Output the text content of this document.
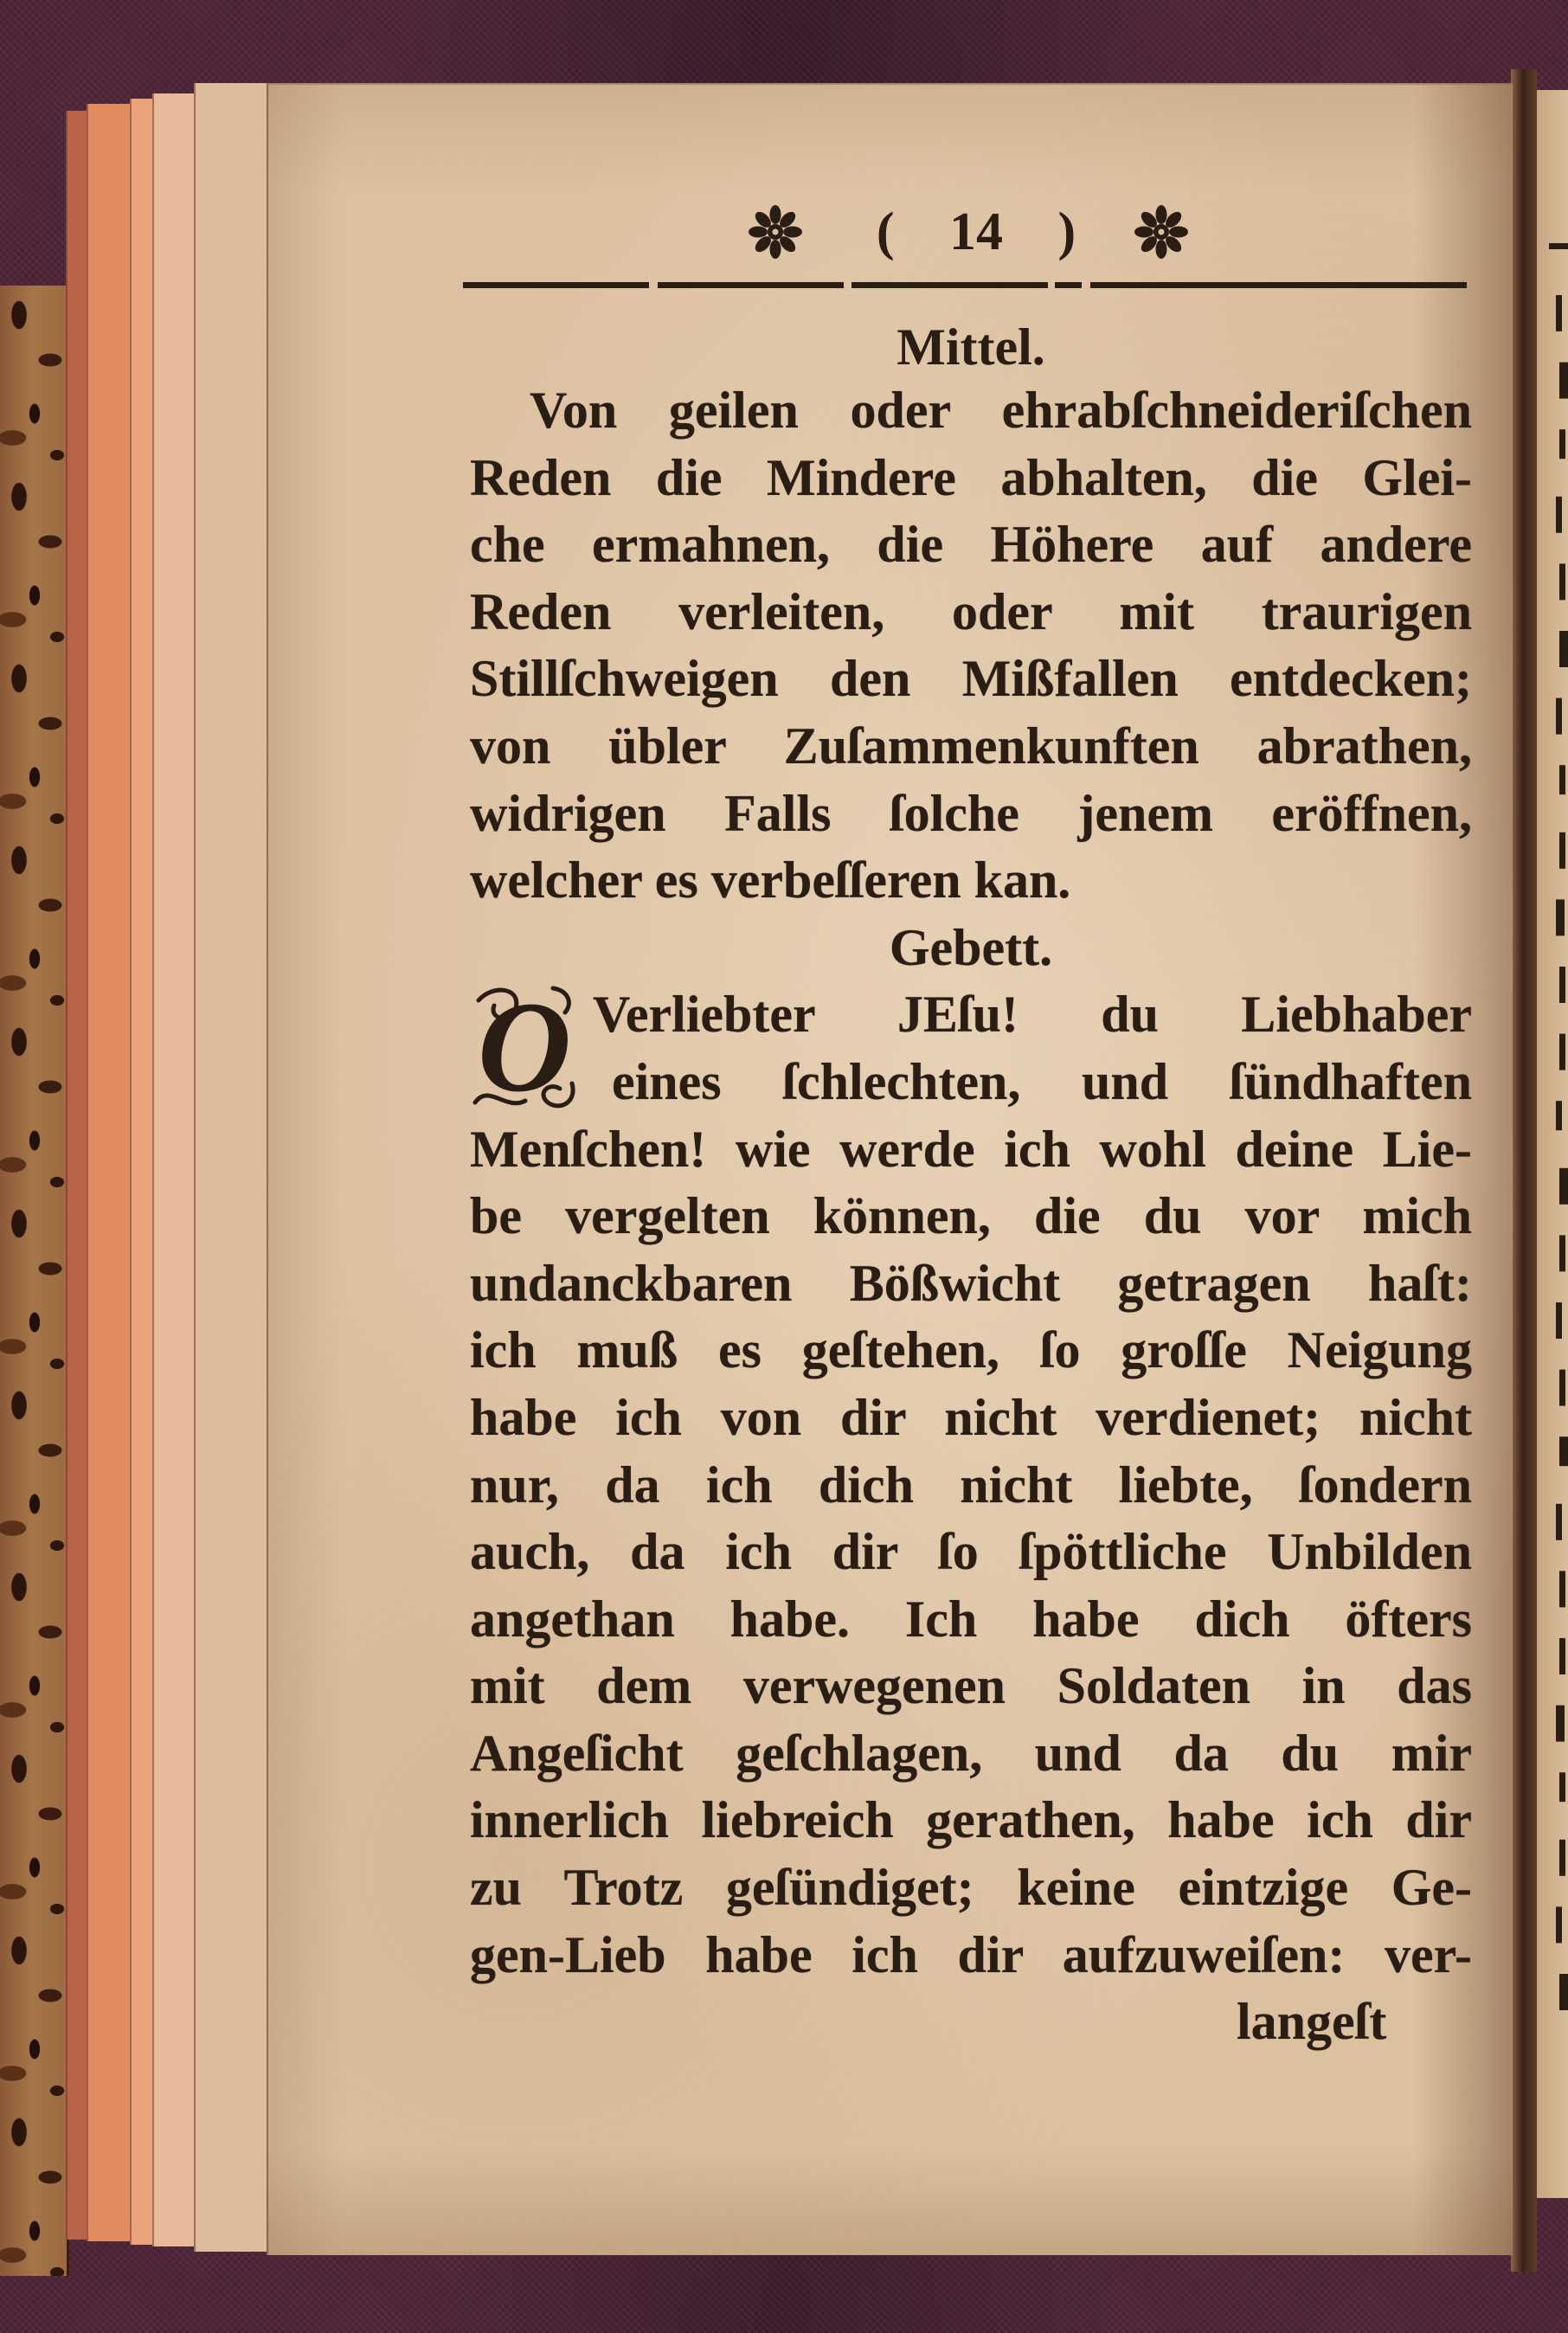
( 14 )
Mittel.
Von geilen oder ehrabſchneideriſchen
Reden die Mindere abhalten, die Glei-
che ermahnen, die Höhere auf andere
Reden verleiten, oder mit traurigen
Stillſchweigen den Mißfallen entdecken;
von übler Zuſammenkunften abrathen,
widrigen Falls ſolche jenem eröffnen,
welcher es verbeſſeren kan.
Gebett.
Verliebter JEſu! du Liebhaber
eines ſchlechten, und ſündhaften
Menſchen! wie werde ich wohl deine Lie-
be vergelten können, die du vor mich
undanckbaren Bößwicht getragen haſt:
ich muß es geſtehen, ſo groſſe Neigung
habe ich von dir nicht verdienet; nicht
nur, da ich dich nicht liebte, ſondern
auch, da ich dir ſo ſpöttliche Unbilden
angethan habe. Ich habe dich öfters
mit dem verwegenen Soldaten in das
Angeſicht geſchlagen, und da du mir
innerlich liebreich gerathen, habe ich dir
zu Trotz geſündiget; keine eintzige Ge-
gen-Lieb habe ich dir aufzuweiſen: ver-
langeſt
O
